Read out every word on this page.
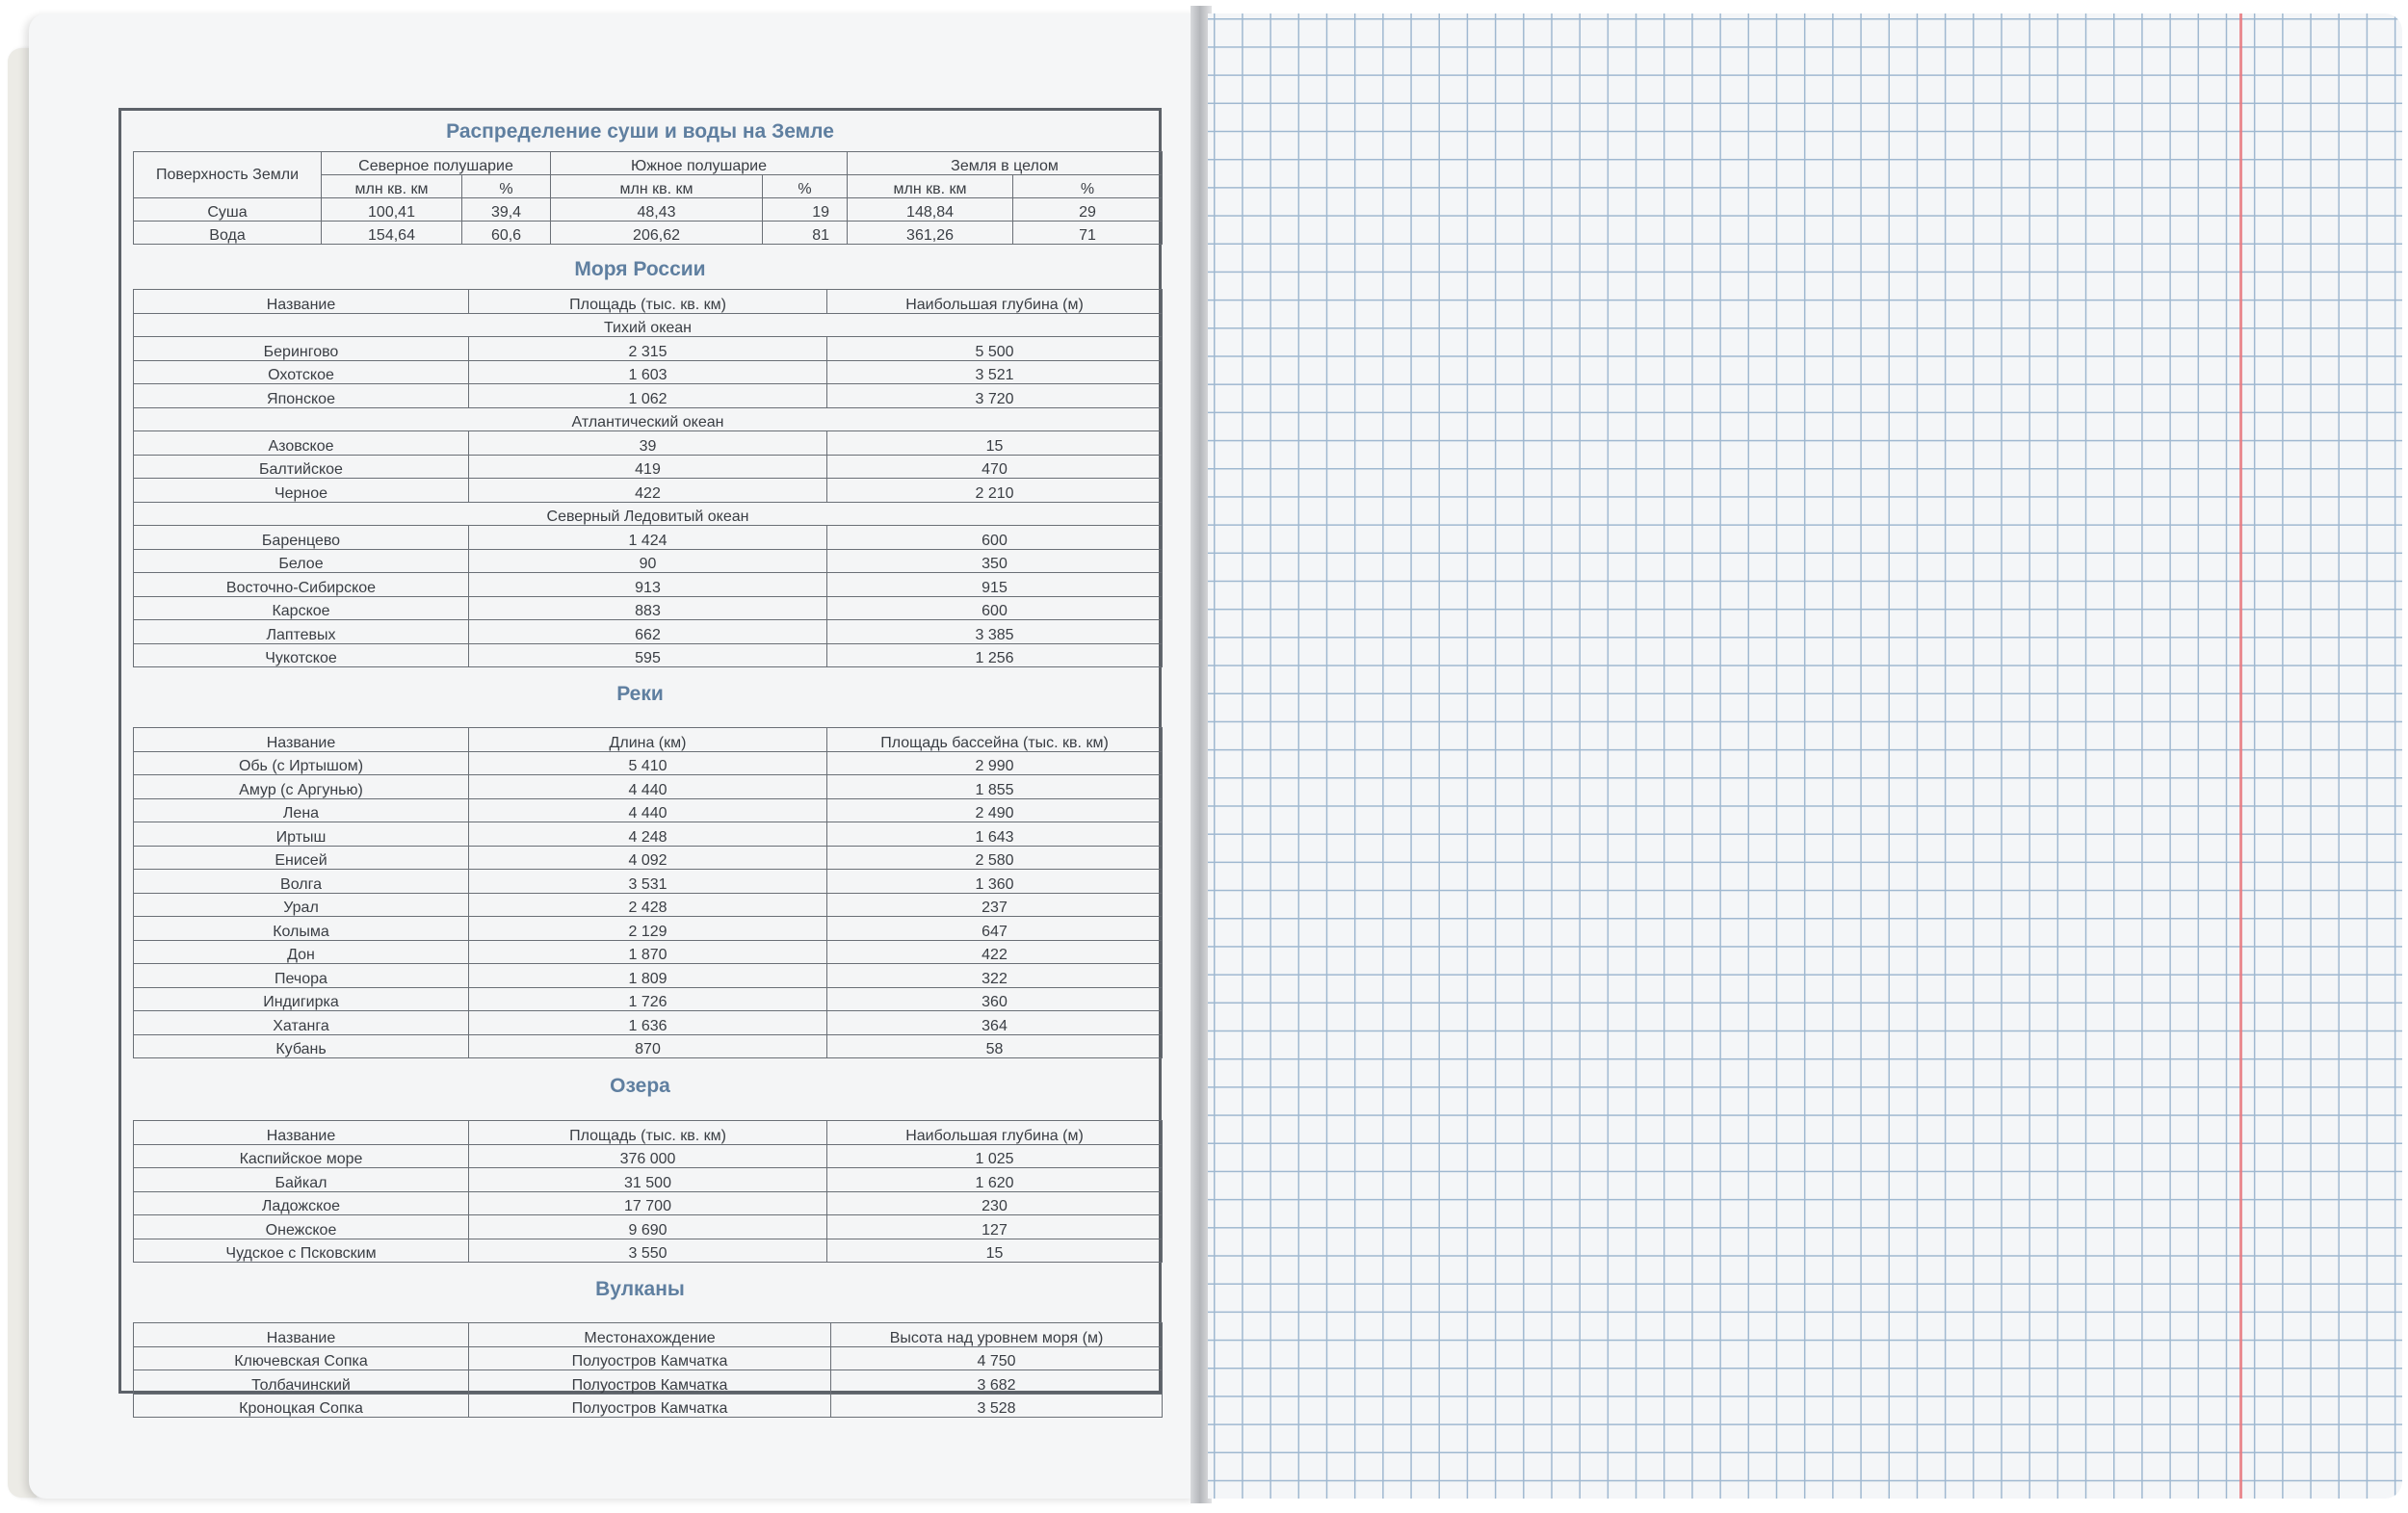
Распределение суши и воды на Земле
Поверхность Земли	Северное полушарие		Южное полушарие		Земля в целом	
	млн кв. км	%	млн кв. км	%	млн кв. км	%
Суша	100,41	39,4	48,43	19	148,84	29
Вода	154,64	60,6	206,62	81	361,26	71
Моря России
Название	Площадь (тыс. кв. км)	Наибольшая глубина (м)
Тихий океан		
Берингово	2 315	5 500
Охотское	1 603	3 521
Японское	1 062	3 720
Атлантический океан		
Азовское	39	15
Балтийское	419	470
Черное	422	2 210
Северный Ледовитый океан		
Баренцево	1 424	600
Белое	90	350
Восточно-Сибирское	913	915
Карское	883	600
Лаптевых	662	3 385
Чукотское	595	1 256
Реки
Название	Длина (км)	Площадь бассейна (тыс. кв. км)
Обь (с Иртышом)	5 410	2 990
Амур (с Аргунью)	4 440	1 855
Лена	4 440	2 490
Иртыш	4 248	1 643
Енисей	4 092	2 580
Волга	3 531	1 360
Урал	2 428	237
Колыма	2 129	647
Дон	1 870	422
Печора	1 809	322
Индигирка	1 726	360
Хатанга	1 636	364
Кубань	870	58
Озера
Название	Площадь (тыс. кв. км)	Наибольшая глубина (м)
Каспийское море	376 000	1 025
Байкал	31 500	1 620
Ладожское	17 700	230
Онежское	9 690	127
Чудское с Псковским	3 550	15
Вулканы
Название	Местонахождение	Высота над уровнем моря (м)
Ключевская Сопка	Полуостров Камчатка	4 750
Толбачинский	Полуостров Камчатка	3 682
Кроноцкая Сопка	Полуостров Камчатка	3 528
